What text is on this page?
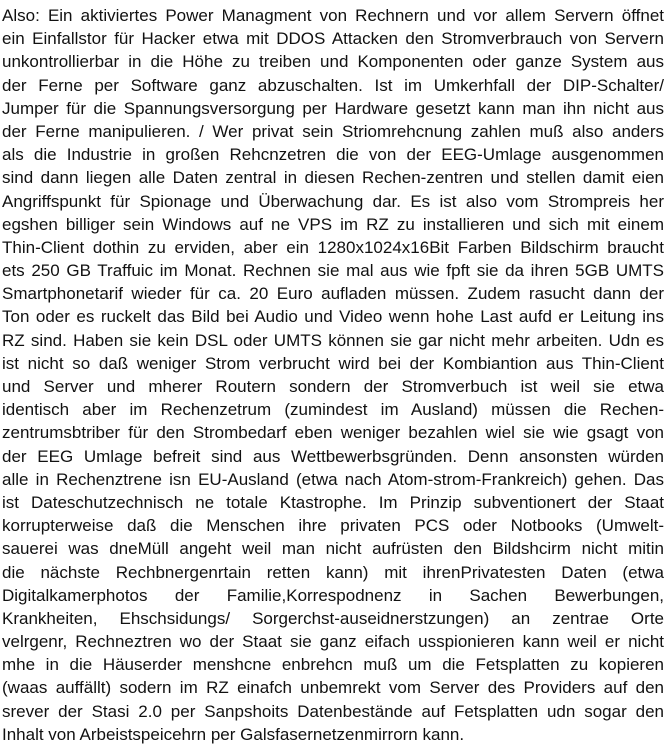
Also: Ein aktiviertes Power Managment von Rechnern und vor allem Servern öffnet
ein Einfallstor für Hacker etwa mit DDOS Attacken den Stromverbrauch von Servern
unkontrollierbar in die Höhe zu treiben und Komponenten oder ganze System aus
der Ferne per Software ganz abzuschalten. Ist im Umkerhfall der DIP-Schalter/
Jumper für die Spannungsversorgung per Hardware gesetzt kann man ihn nicht aus
der Ferne manipulieren. / Wer privat sein Striomrehcnung zahlen muß also anders
als die Industrie in großen Rehcnzetren die von der EEG-Umlage ausgenommen
sind dann liegen alle Daten zentral in diesen Rechen-zentren und stellen damit eien
Angriffspunkt für Spionage und Überwachung dar. Es ist also vom Strompreis her
egshen billiger sein Windows auf ne VPS im RZ zu installieren und sich mit einem
Thin-Client dothin zu erviden, aber ein 1280x1024x16Bit Farben Bildschirm braucht
ets 250 GB Traffuic im Monat. Rechnen sie mal aus wie fpft sie da ihren 5GB UMTS
Smartphonetarif wieder für ca. 20 Euro aufladen müssen. Zudem rasucht dann der
Ton oder es ruckelt das Bild bei Audio und Video wenn hohe Last aufd er Leitung ins
RZ sind. Haben sie kein DSL oder UMTS können sie gar nicht mehr arbeiten. Udn es
ist nicht so daß weniger Strom verbrucht wird bei der Kombiantion aus Thin-Client
und Server und mherer Routern sondern der Stromverbuch ist weil sie etwa
identisch aber im Rechenzetrum (zumindest im Ausland) müssen die Rechen-
zentrumsbtriber für den Strombedarf eben weniger bezahlen wiel sie wie gsagt von
der EEG Umlage befreit sind aus Wettbewerbsgründen. Denn ansonsten würden
alle in Rechenztrene isn EU-Ausland (etwa nach Atom-strom-Frankreich) gehen. Das
ist Dateschutzechnisch ne totale Ktastrophe. Im Prinzip subventionert der Staat
korrupterweise daß die Menschen ihre privaten PCS oder Notbooks (Umwelt-
sauerei was dneMüll angeht weil man nicht aufrüsten den Bildshcirm nicht mitin
die nächste Rechbnergenrtain retten kann) mit ihrenPrivatesten Daten (etwa
Digitalkamerphotos der Familie,Korrespodnenz in Sachen Bewerbungen,
Krankheiten, Ehschsidungs/ Sorgerchst-auseidnerstzungen) an zentrae Orte
velrgenr, Rechneztren wo der Staat sie ganz eifach usspionieren kann weil er nicht
mhe in die Häuserder menshcne enbrehcn muß um die Fetsplatten zu kopieren
(waas auffällt) sodern im RZ einafch unbemrekt vom Server des Providers auf den
srever der Stasi 2.0 per Sanpshoits Datenbestände auf Fetsplatten udn sogar den
Inhalt von Arbeistspeicehrn per Galsfasernetzenmirrorn kann.
